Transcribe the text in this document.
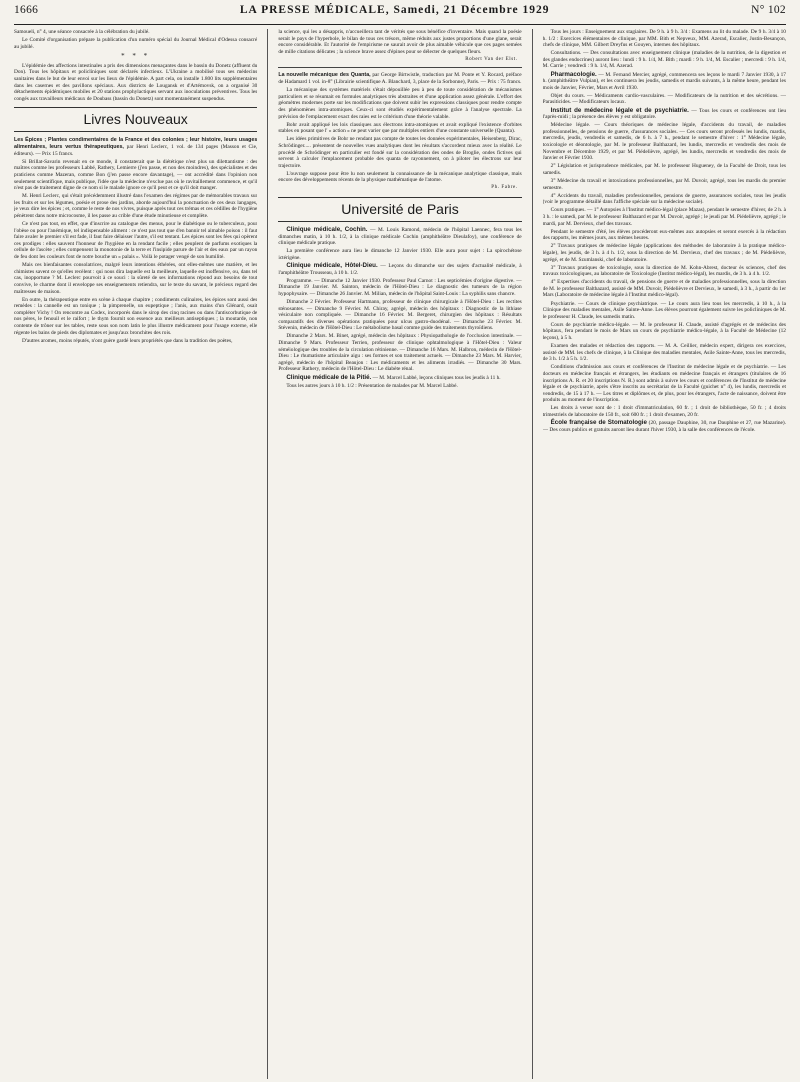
1666	LA PRESSE MÉDICALE, Samedi, 21 Décembre 1929	N° 102

Samoueli, n° 4, une séance consacrée à la célébration du jubilé.

Le Comité d'organisation prépare la publication d'un numéro spécial du Journal Médical d'Odessa consacré au jubilé.

* * *

L'épidémie des affections intestinales a pris des dimensions menaçantes dans le bassin du Donetz (affluent du Don). Tous les hôpitaux et policliniques sont déclarés infectieux. L'Ukraine a mobilisé tous ses médecins sanitaires dans le but de leur envoi sur les lieux de l'épidémie. A part cela, on installe 1.800 lits supplémentaires dans les casernes et des pavillons spéciaux. Aux districts de Lougansk et d'Artémovsk, on a organisé 30 détachements épidémiques mobiles et 20 stations prophylactiques servant aux inoculations préventives. Tous les congés aux travailleurs médicaux de Doubass (bassin du Donetz) sont momentanément suspendus.

Livres Nouveaux

Les Épices ; Plantes condimentaires de la France et des colonies ; leur histoire, leurs usages alimentaires, leurs vertus thérapeutiques, par Henri Leclerc, 1 vol. de 134 pages (Masson et Cie, éditeurs). — Prix 15 francs.

Si Brillat-Savarin revenait en ce monde, il constaterait que la diététique n'est plus un dilettantisme : des maîtres comme les professeurs Labbé, Rathery, Lemierre (j'en passe, et non des moindres), des spécialistes et des praticiens comme Mazeran, comme Bon (j'en passe encore davantage), — ont accrédité dans l'opinion non seulement scientifique, mais publique, l'idée que la médecine n'exclue pas où le ravitaillement commence, et qu'il n'est pas de traitement digne de ce nom si le malade ignore ce qu'il peut et ce qu'il doit manger.

M. Henri Leclerc, qui s'était précédemment illustré dans l'examen des régimes par de mémorables travaux sur les fruits et sur les légumes, poésie et prose des jardins, aborde aujourd'hui la ponctuation de ces deux langages, je veux dire les épices ; et, comme le reste de nos vivres, puisque après tout ces trémas et ces cédilles de l'hygiène pénètrent dans notre microcosme, il les passe au crible d'une étude minutieuse et complète.

Ce n'est pas tout, en effet, que d'inscrire au catalogue des menus, pour le diabétique ou le tuberculeux, pour l'obèse ou pour l'anémique, tel indispensable aliment : ce n'est pas tout que d'en bannir tel aimable poison : il faut faire avaler le premier s'il est fade, il faut faire délaisser l'autre, s'il est tentant. Les épices sont les fées qui opèrent ces prodiges : elles sauvent l'honneur de l'hygiène en la rendant facile ; elles peuplent de parfums exotiques la cellule de l'ascète ; elles compensent la monotonie de la terre et l'insipide parure de l'air et des eaux par un rayon de feu dont les couleurs font de notre bouche un « palais ». Voilà le potager vengé de son humilité.

Mais ces bienfaisantes consolatrices, malgré leurs intentions éthérées, ont elles-mêmes une matière, et les chimistes savent ce qu'elles recèlent : qui nous dira laquelle est la meilleure, laquelle est inoffensive, ou, dans tel cas, inopportune ? M. Leclerc pourvoit à ce souci : la sûreté de ses informations répond aux besoins de tout convive, le charme dont il enveloppe ses enseignements retiendra, sur le texte du savant, le précieux regard des maîtresses de maison.

En outre, la thérapeutique entre en scène à chaque chapitre ; condiments culinaires, les épices sont aussi des remèdes : la cannelle est un tonique ; la pimprenelle, un eupeptique ; l'anis, aux mains d'un Glénard, osait compléter Vichy ! On rencontre au Codex, incorporés dans le sirop des cinq racines ou dans l'antiscorbutique de nos pères, le fenouil et le raifort ; le thym fournit son essence aux meilleurs antiseptiques ; la moutarde, non contente de trôner sur les tables, reste sous son nom latin le plus illustre médicament pour l'usage externe, elle régente les bains de pieds des diplomates et jusqu'aux bronchites des rois.

D'autres aromes, moins réputés, n'ont guère gardé leurs propriétés que dans la tradition des poètes,

la science, qui les a désappris, n'accueillera tant de vérités que sous bénéfice d'inventaire. Mais quand la poésie serait le pays de l'hyperbole, le bilan de tous ces trésors, même réduits aux justes proportions d'une glane, serait encore considérable. Et l'autorité de l'empirisme ne saurait avoir de plus aimable véhicule que ces pages semées de mille citations délicates ; la science brave assez d'épines pour se délecter de quelques fleurs.

Robert Van der Elst.

La nouvelle mécanique des Quanta, par George Birtwistle, traduction par M. Ponte et Y. Rocard, préface de Hadamard 1 vol. in-8° (Librairie scientifique A. Blanchard, 3, place de la Sorbonne), Paris. — Prix : 75 francs.

La mécanique des systèmes matériels s'était dépouillée peu à peu de toute considération de mécanismes particuliers et se résumait en formules analytiques très abstraites et d'une application assez générale. L'effort des géomètres modernes porte sur les modifications que doivent subir les expressions classiques pour rendre compte des phénomènes intra-atomiques. Ceux-ci sont étudiés expérimentalement grâce à l'analyse spectrale. La prévision de l'emplacement exact des raies est le critérium d'une théorie valable.

Bohr avait appliqué les lois classiques aux électrons intra-atomiques et avait expliqué l'existence d'orbites stables en posant que l' « action » ne peut varier que par multiples entiers d'une constante universelle (Quanta).

Les idées primitives de Bohr ne rendant pas compte de toutes les données expérimentales, Heisenberg, Dirac, Schrödinger..... présentent de nouvelles vues analytiques dont les résultats s'accordent mieux avec la réalité. Le procédé de Schrödinger en particulier est fondé sur la considération des ondes de Broglie, ondes fictives qui servent à calculer l'emplacement probable des quanta de rayonnement, on à piloter les électrons sur leur trajectoire.

L'ouvrage suppose pour être lu non seulement la connaissance de la mécanique analytique classique, mais encore des développements récents de la physique mathématique de l'atome.

Ph. Fabre.
Université de Paris

Clinique médicale, Cochin. — M. Louis Ramond, médecin de l'hôpital Laennec, fera tous les dimanches matin, à 10 h. 1/2, à la clinique médicale Cochin (amphithéâtre Dieulafoy), une conférence de clinique médicale pratique.

La première conférence aura lieu le dimanche 12 Janvier 1930. Elle aura pour sujet : La spirochétose ictérigène.

Clinique médicale, Hôtel-Dieu. — Leçons du dimanche sur des sujets d'actualité médicale, à l'amphithéâtre Trousseau, à 10 h. 1/2.

Programme. — Dimanche 12 Janvier 1930. Professeur Paul Carnot : Les septicémies d'origine digestive. — Dimanche 19 Janvier. M. Sainton, médecin de l'Hôtel-Dieu : Le diagnostic des tumeurs de la région hypophysaire. — Dimanche 26 Janvier. M. Milian, médecin de l'hôpital Saint-Louis : La syphilis sans chancre.

Dimanche 2 Février. Professeur Hartmann, professeur de clinique chirurgicale à l'Hôtel-Dieu : Les rectites sténosantes. — Dimanche 9 Février. M. Chiray, agrégé, médecin des hôpitaux : Diagnostic de la lithiase vésiculaire non compliquée. — Dimanche 16 Février. M. Bergeret, chirurgien des hôpitaux : Résultats comparatifs des diverses opérations pratiquées pour ulcus gastro-duodénal. — Dimanche 23 Février. M. Stévenin, médecin de l'Hôtel-Dieu : Le métabolisme basal comme guide des traitements thyroïdiens.

Dimanche 2 Mars. M. Binet, agrégé, médecin des hôpitaux : Physiopathologie de l'occlusion intestinale. — Dimanche 9 Mars. Professeur Terrien, professeur de clinique ophtalmologique à l'Hôtel-Dieu : Valeur séméiologique des troubles de la circulation rétinienne. — Dimanche 16 Mars. M. Halbron, médecin de l'Hôtel-Dieu : Le rhumatisme articulaire aigu : ses formes et son traitement actuels. — Dimanche 23 Mars. M. Harvier, agrégé, médecin de l'hôpital Beaujon : Les médicaments et les aliments irradiés. — Dimanche 30 Mars. Professeur Rathery, médecin de l'Hôtel-Dieu : Le diabète rénal.

Clinique médicale de la Pitié. — M. Marcel Labbé, leçons cliniques tous les jeudis à 11 h.

Tous les autres jours à 10 h. 1/2 : Présentation de malades par M. Marcel Labbé.

Tous les jours : Enseignement aux stagiaires. De 9 h. à 9 h. 3/4 : Examens au lit du malade. De 9 h. 3/4 à 10 h. 1/2 : Exercices élémentaires de clinique, par MM. Bith et Nepveux, MM. Azerad, Escalier, Justin-Besançon, chefs de clinique, MM. Gilbert Dreyfus et Gouyen, internes des hôpitaux.

Consultations. — Des consultations avec enseignement clinique (maladies de la nutrition, de la digestion et des glandes endocrines) auront lieu : lundi : 9 h. 1/4, M. Bith ; mardi : 9 h. 1/4, M. Escalier ; mercredi : 9 h. 1/4, M. Carrie ; vendredi : 9 h. 1/4, M. Azerad.

Pharmacologie. — M. Fernand Mercier, agrégé, commencera ses leçons le mardi 7 Janvier 1930, à 17 h. (amphithéâtre Vulpian), et les continuera les jeudis, samedis et mardis suivants, à la même heure, pendant les mois de Janvier, Février, Mars et Avril 1930.

Objet du cours. — Médicaments cardio-vasculaires. — Modificateurs de la nutrition et des sécrétions. — Parasiticides. — Modificateurs locaux.

Institut de médecine légale et de psychiatrie. — Tous les cours et conférences ont lieu l'après-midi ; la présence des élèves y est obligatoire.

Médecine légale. — Cours théoriques de médecine légale, d'accidents du travail, de maladies professionnelles, de pensions de guerre, d'assurances sociales. — Ces cours seront professés les lundis, mardis, mercredis, jeudis, vendredis et samedis, de 6 h. à 7 h., pendant le semestre d'hiver : 1° Médecine légale, toxicologie et déontologie, par M. le professeur Balthazard, les lundis, mercredis et vendredis des mois de Novembre et Décembre 1929, et par M. Piédelièvre, agrégé, les lundis, mercredis et vendredis des mois de Janvier et Février 1930.

2° Législation et jurisprudence médicales, par M. le professeur Hugueney, de la Faculté de Droit, tous les samedis.

3° Médecine du travail et intoxications professionnelles, par M. Duvoir, agrégé, tous les mardis du premier semestre.

4° Accidents du travail, maladies professionnelles, pensions de guerre, assurances sociales, tous les jeudis (voir le programme détaillé dans l'affiche spéciale sur la médecine sociale).

Cours pratiques. — 1° Autopsies à l'Institut médico-légal (place Mazas), pendant le semestre d'hiver, de 2 h. à 3 h. : le samedi, par M. le professeur Balthazard et par M. Duvoir, agrégé ; le jeudi par M. Piédelièvre, agrégé ; le mardi, par M. Dervieux, chef des travaux.

Pendant le semestre d'été, les élèves procéderont eux-mêmes aux autopsies et seront exercés à la rédaction des rapports, les mêmes jours, aux mêmes heures.

2° Travaux pratiques de médecine légale (applications des méthodes de laboratoire à la pratique médico-légale), les jeudis, de 3 h. à 4 h. 1/2, sous la direction de M. Dervieux, chef des travaux ; de M. Piédelièvre, agrégé, et de M. Szumlanski, chef de laboratoire.

3° Travaux pratiques de toxicologie, sous la direction de M. Kohn-Abrest, docteur ès sciences, chef des travaux toxicologiques, au laboratoire de Toxicologie (Institut médico-légal), les mardis, de 3 h. à 4 h. 1/2.

4° Expertises d'accidents du travail, de pensions de guerre et de maladies professionnelles, sous la direction de M. le professeur Balthazard, assisté de MM. Duvoir, Piédelièvre et Dervieux, le samedi, à 3 h., à partir du 1er Mars (Laboratoire de médecine légale à l'Institut médico-légal).

Psychiatrie. — Cours de clinique psychiatrique. — Le cours aura lieu tous les mercredis, à 10 h., à la Clinique des maladies mentales, Asile Sainte-Anne. Les élèves pourront également suivre les policliniques de M. le professeur H. Claude, les samedis matin.

Cours de psychiatrie médico-légale. — M. le professeur H. Claude, assisté d'agrégés et de médecins des hôpitaux, fera pendant le mois de Mars un cours de psychiatrie médico-légale, à la Faculté de Médecine (12 leçons), à 5 h.

Examen des malades et rédaction des rapports. — M. A. Ceillier, médecin expert, dirigera ces exercices, assisté de MM. les chefs de clinique, à la Clinique des maladies mentales, Asile Sainte-Anne, tous les mercredis, de 3 h. 1/2 à 5 h. 1/2.

Conditions d'admission aux cours et conférences de l'Institut de médecine légale et de psychiatrie. — Les docteurs en médecine français et étrangers, les étudiants en médecine français et étrangers (titulaires de 16 inscriptions A. R. et 20 inscriptions N. R.) sont admis à suivre les cours et conférences de l'Institut de médecine légale et de psychiatrie, après s'être inscrits au secrétariat de la Faculté (guichet n° 4), les lundis, mercredis et vendredis, de 15 à 17 h. — Les titres et diplômes et, de plus, pour les étrangers, l'acte de naissance, doivent être produits au moment de l'inscription.

Les droits à verser sont de : 1 droit d'immatriculation, 60 fr. ; 1 droit de bibliothèque, 50 fr. ; 4 droits trimestriels de laboratoire de 150 fr., soit 600 fr. ; 1 droit d'examen, 20 fr.

École française de Stomatologie (20, passage Dauphine, 30, rue Dauphine et 27, rue Mazarine). — Des cours publics et gratuits auront lieu durant l'hiver 1930, à la salle des conférences de l'école.
